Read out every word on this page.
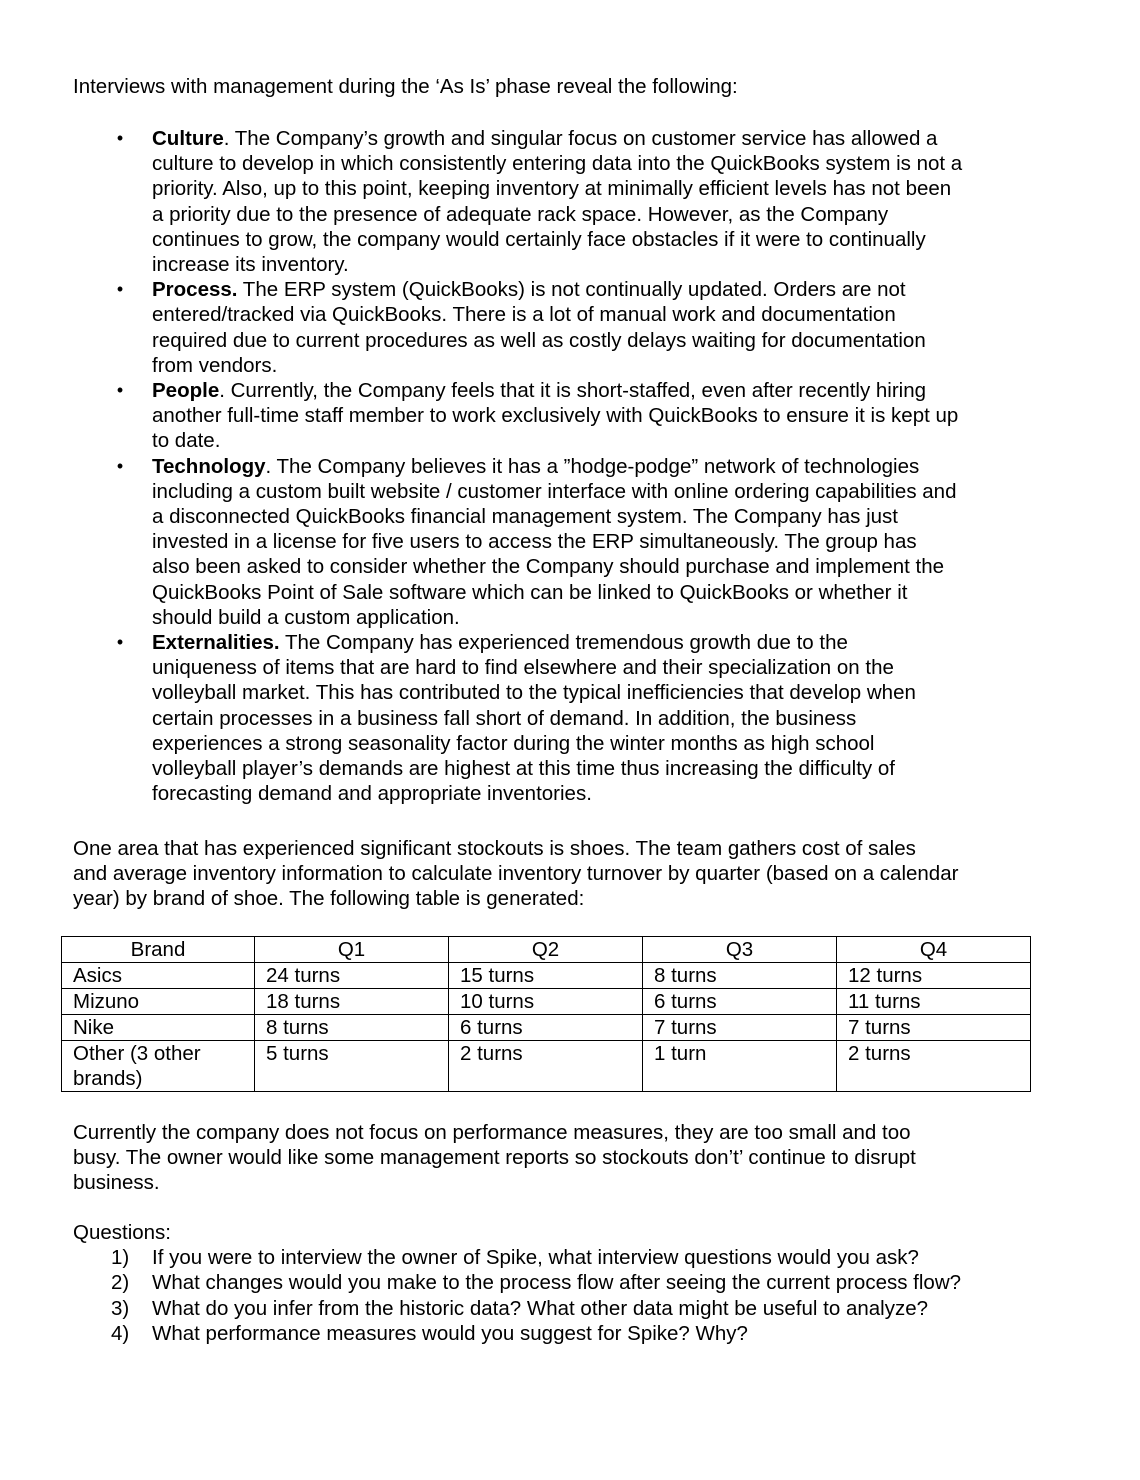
Interviews with management during the ‘As Is’ phase reveal the following:

• Culture. The Company’s growth and singular focus on customer service has allowed a
culture to develop in which consistently entering data into the QuickBooks system is not a
priority. Also, up to this point, keeping inventory at minimally efficient levels has not been
a priority due to the presence of adequate rack space. However, as the Company
continues to grow, the company would certainly face obstacles if it were to continually
increase its inventory.
• Process. The ERP system (QuickBooks) is not continually updated. Orders are not
entered/tracked via QuickBooks. There is a lot of manual work and documentation
required due to current procedures as well as costly delays waiting for documentation
from vendors.
• People. Currently, the Company feels that it is short-staffed, even after recently hiring
another full-time staff member to work exclusively with QuickBooks to ensure it is kept up
to date.
• Technology. The Company believes it has a ”hodge-podge” network of technologies
including a custom built website / customer interface with online ordering capabilities and
a disconnected QuickBooks financial management system. The Company has just
invested in a license for five users to access the ERP simultaneously. The group has
also been asked to consider whether the Company should purchase and implement the
QuickBooks Point of Sale software which can be linked to QuickBooks or whether it
should build a custom application.
• Externalities. The Company has experienced tremendous growth due to the
uniqueness of items that are hard to find elsewhere and their specialization on the
volleyball market. This has contributed to the typical inefficiencies that develop when
certain processes in a business fall short of demand. In addition, the business
experiences a strong seasonality factor during the winter months as high school
volleyball player’s demands are highest at this time thus increasing the difficulty of
forecasting demand and appropriate inventories.

One area that has experienced significant stockouts is shoes. The team gathers cost of sales
and average inventory information to calculate inventory turnover by quarter (based on a calendar
year) by brand of shoe. The following table is generated:

Brand	Q1	Q2	Q3	Q4
Asics	24 turns	15 turns	8 turns	12 turns
Mizuno	18 turns	10 turns	6 turns	11 turns
Nike	8 turns	6 turns	7 turns	7 turns
Other (3 other
brands)	5 turns	2 turns	1 turn	2 turns

Currently the company does not focus on performance measures, they are too small and too
busy. The owner would like some management reports so stockouts don’t’ continue to disrupt
business.

Questions:

1) If you were to interview the owner of Spike, what interview questions would you ask?
2) What changes would you make to the process flow after seeing the current process flow?
3) What do you infer from the historic data? What other data might be useful to analyze?
4) What performance measures would you suggest for Spike? Why?
